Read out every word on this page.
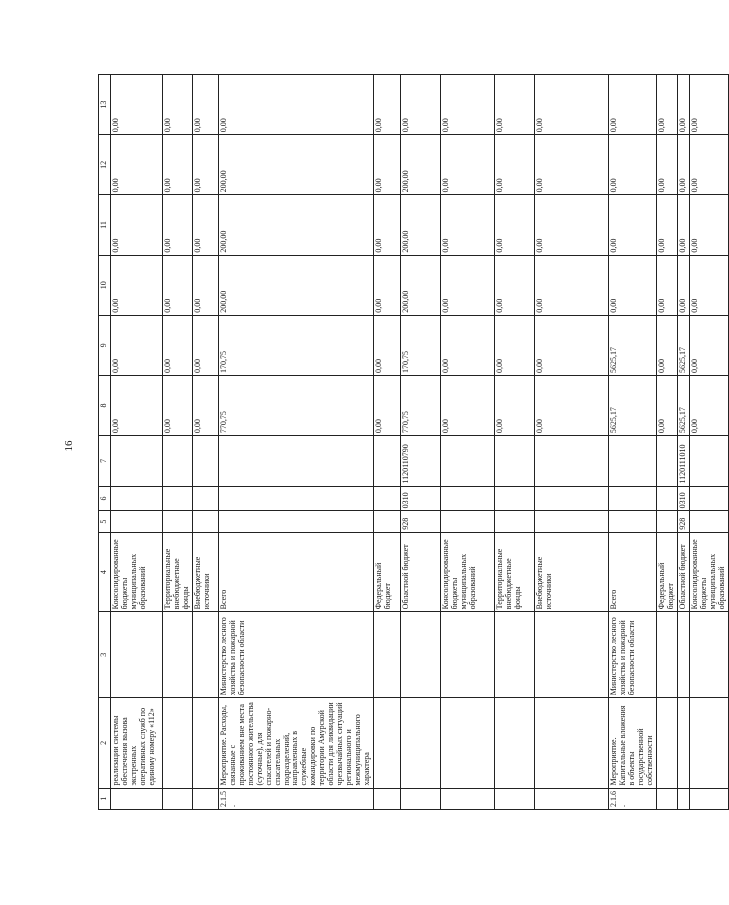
16
1	2	3	4	5	6	7	8	9	10	11	12	13
	реализации системы обеспечения вызова экстренных оперативных служб по единому номеру «112»		Консолидированные бюджеты муниципальных образований				0,00	0,00	0,00	0,00	0,00	0,00
			Территориальные внебюджетные фонды				0,00	0,00	0,00	0,00	0,00	0,00
			Внебюджетные источники				0,00	0,00	0,00	0,00	0,00	0,00
2.1.5.	Мероприятие. Расходы, связанные с проживанием вне места постоянного жительства (суточные), для спасателей и пожарно-спасательных подразделений, направленных в служебные командировки по территории Амурской области для ликвидации чрезвычайных ситуаций регионального и межмуниципального характера	Министерство лесного хозяйства и пожарной безопасности области	Всего				770,75	170,75	200,00	200,00	200,00	0,00
			Федеральный бюджет				0,00	0,00	0,00	0,00	0,00	0,00
			Областной бюджет	928	0310	1120110790	770,75	170,75	200,00	200,00	200,00	0,00
			Консолидированные бюджеты муниципальных образований				0,00	0,00	0,00	0,00	0,00	0,00
			Территориальные внебюджетные фонды				0,00	0,00	0,00	0,00	0,00	0,00
			Внебюджетные источники				0,00	0,00	0,00	0,00	0,00	0,00
2.1.6.	Мероприятие. Капитальные вложения в объекты государственной собственности	Министерство лесного хозяйства и пожарной безопасности области	Всего				5625,17	5625,17	0,00	0,00	0,00	0,00
			Федеральный бюджет				0,00	0,00	0,00	0,00	0,00	0,00
			Областной бюджет	928	0310	1120111010	5625,17	5625,17	0,00	0,00	0,00	0,00
			Консолидированные бюджеты муниципальных образований				0,00	0,00	0,00	0,00	0,00	0,00
